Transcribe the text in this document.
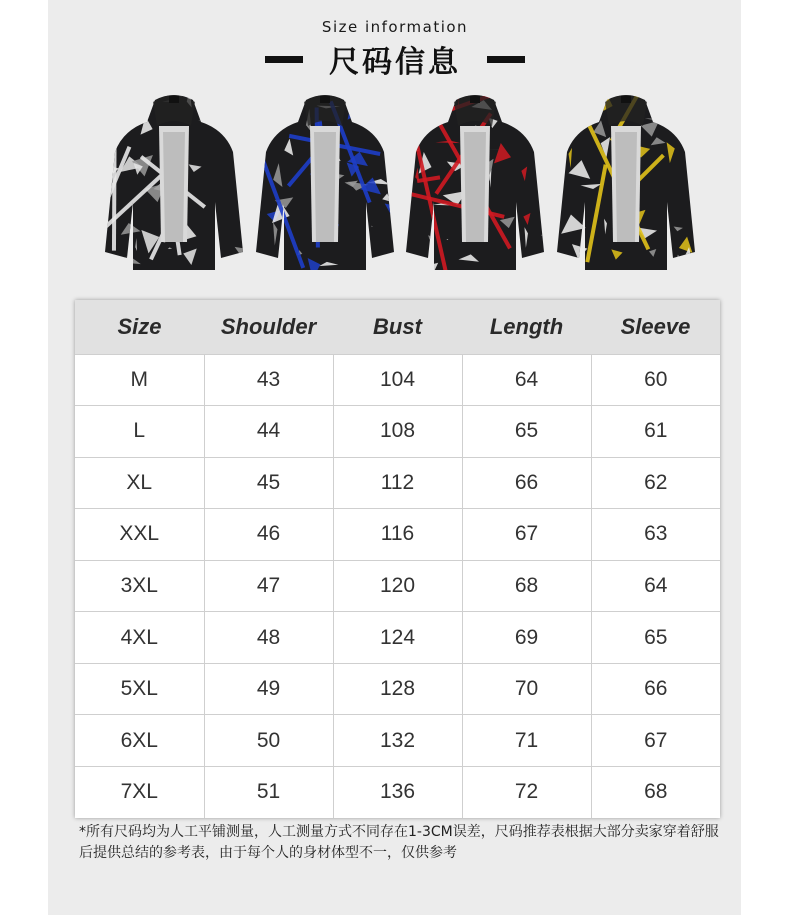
Size information
尺码信息
Size	Shoulder	Bust	Length	Sleeve
M	43	104	64	60
L	44	108	65	61
XL	45	112	66	62
XXL	46	116	67	63
3XL	47	120	68	64
4XL	48	124	69	65
5XL	49	128	70	66
6XL	50	132	71	67
7XL	51	136	72	68
*所有尺码均为人工平铺测量，人工测量方式不同存在1-3CM误差，尺码推荐表根据大部分卖家穿着舒服后提供总结的参考表，由于每个人的身材体型不一，仅供参考
